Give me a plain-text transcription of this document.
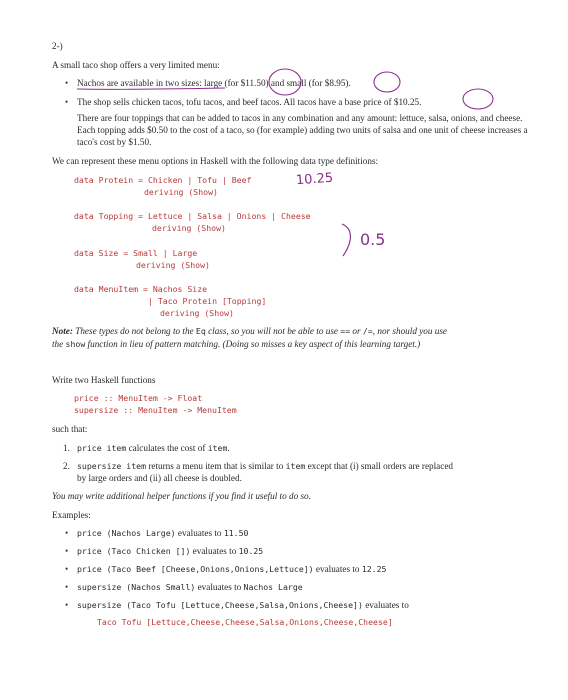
2-)
A small taco shop offers a very limited menu:
• Nachos are available in two sizes: large (for $11.50) and small (for $8.95).
• The shop sells chicken tacos, tofu tacos, and beef tacos. All tacos have a base price of $10.25.
There are four toppings that can be added to tacos in any combination and any amount: lettuce, salsa, onions, and cheese. Each topping adds $0.50 to the cost of a taco, so (for example) adding two units of salsa and one unit of cheese increases a taco's cost by $1.50.
We can represent these menu options in Haskell with the following data type definitions:
data Protein = Chicken | Tofu | Beef
deriving (Show)
data Topping = Lettuce | Salsa | Onions | Cheese
deriving (Show)
data Size = Small | Large
deriving (Show)
data MenuItem = Nachos Size
| Taco Protein [Topping]
deriving (Show)
Note: These types do not belong to the Eq class, so you will not be able to use == or /=, nor should you use
the show function in lieu of pattern matching. (Doing so misses a key aspect of this learning target.)
Write two Haskell functions
price :: MenuItem -> Float
supersize :: MenuItem -> MenuItem
such that:
1. price item calculates the cost of item.
2. supersize item returns a menu item that is similar to item except that (i) small orders are replaced
by large orders and (ii) all cheese is doubled.
You may write additional helper functions if you find it useful to do so.
Examples:
• price (Nachos Large) evaluates to 11.50
• price (Taco Chicken []) evaluates to 10.25
• price (Taco Beef [Cheese,Onions,Onions,Lettuce]) evaluates to 12.25
• supersize (Nachos Small) evaluates to Nachos Large
• supersize (Taco Tofu [Lettuce,Cheese,Salsa,Onions,Cheese]) evaluates to
Taco Tofu [Lettuce,Cheese,Cheese,Salsa,Onions,Cheese,Cheese]
10.25
0.5
